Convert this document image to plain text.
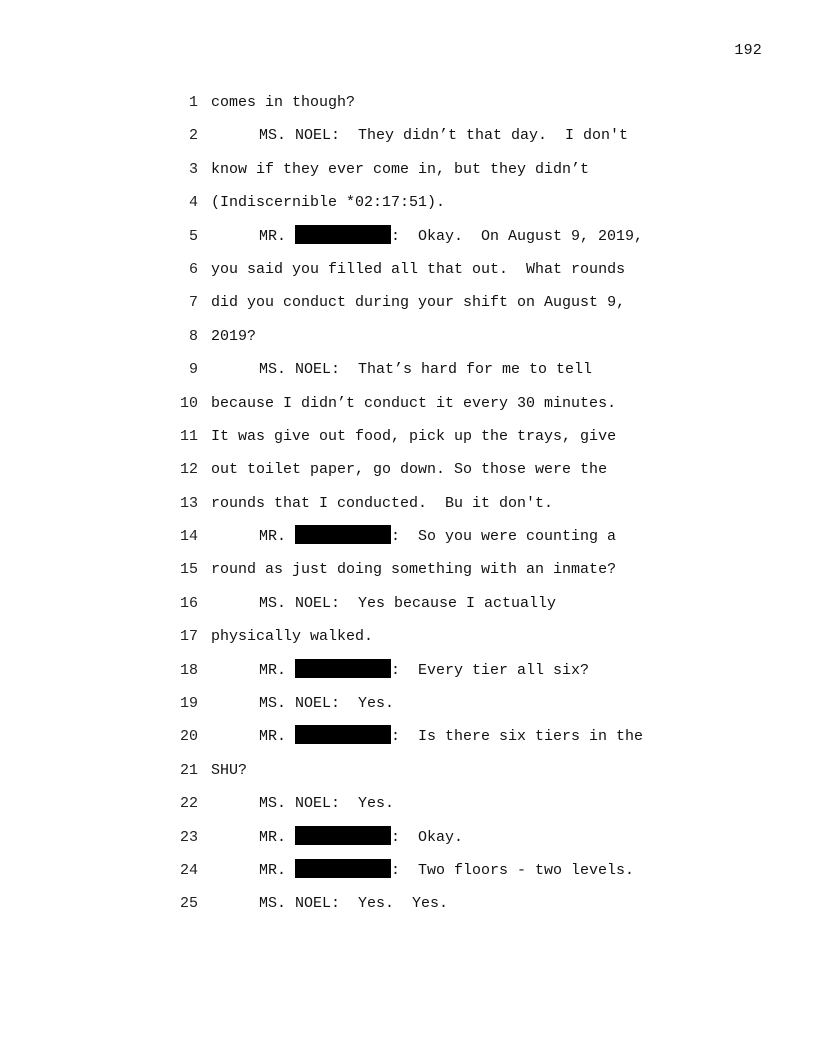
192
1 comes in though?
2	MS. NOEL:  They didn’t that day.  I don't
3 know if they ever come in, but they didn’t
4 (Indiscernible *02:17:51).
5	MR.	:  Okay.  On August 9, 2019,
6 you said you filled all that out.  What rounds
7 did you conduct during your shift on August 9,
8 2019?
9	MS. NOEL:  That’s hard for me to tell
10 because I didn’t conduct it every 30 minutes.
11 It was give out food, pick up the trays, give
12 out toilet paper, go down. So those were the
13 rounds that I conducted.  Bu it don't.
14	MR.	:  So you were counting a
15 round as just doing something with an inmate?
16	MS. NOEL:  Yes because I actually
17 physically walked.
18	MR.	:  Every tier all six?
19	MS. NOEL:  Yes.
20	MR.	:  Is there six tiers in the
21 SHU?
22	MS. NOEL:  Yes.
23	MR.	:  Okay.
24	MR.	:  Two floors - two levels.
25	MS. NOEL:  Yes.  Yes.
